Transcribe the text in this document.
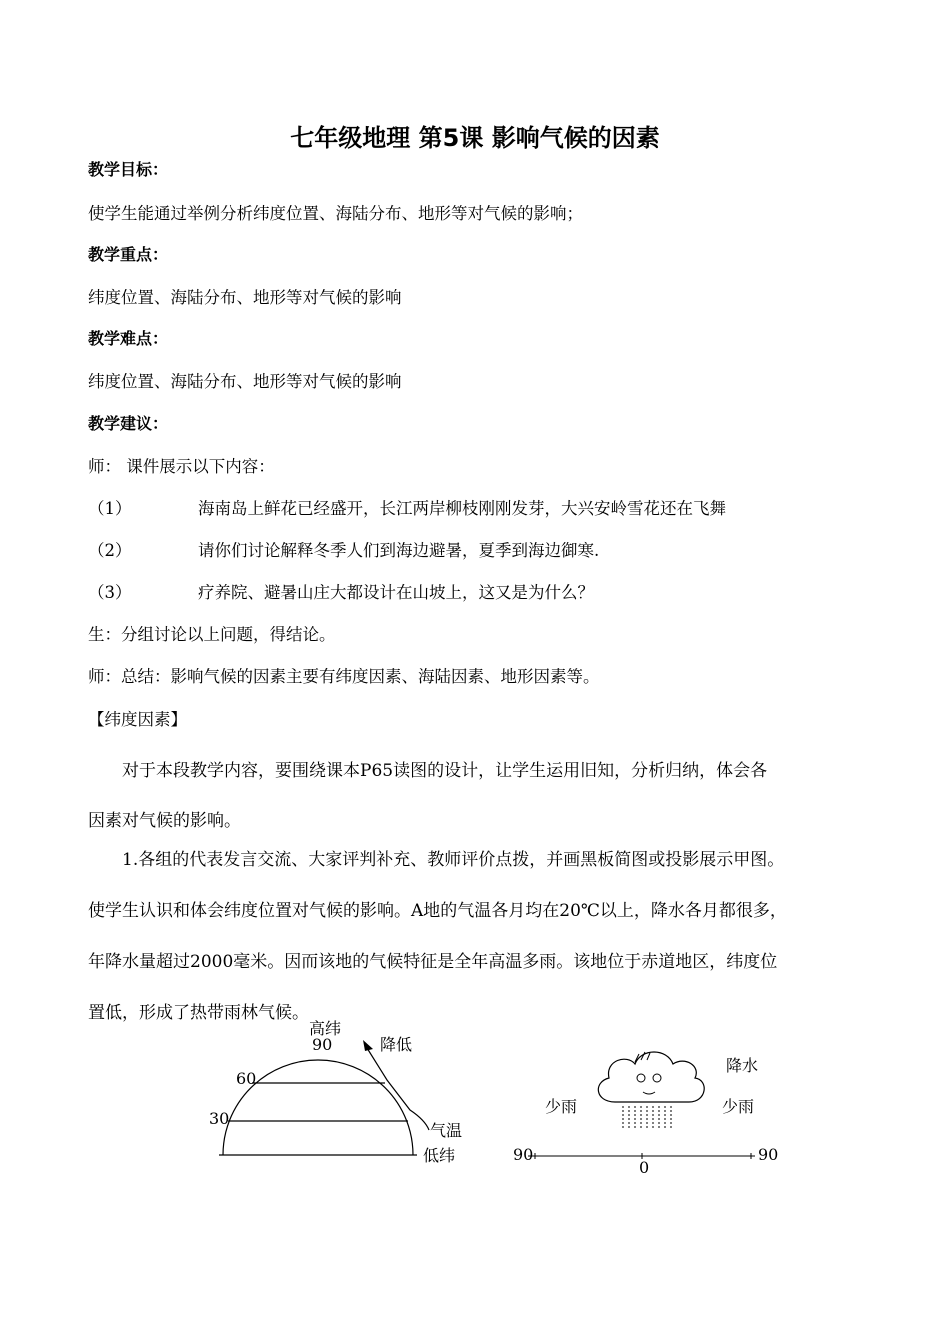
七年级地理 第5课 影响气候的因素
教学目标：
使学生能通过举例分析纬度位置、海陆分布、地形等对气候的影响；
教学重点：
纬度位置、海陆分布、地形等对气候的影响
教学难点：
纬度位置、海陆分布、地形等对气候的影响
教学建议：
师： 课件展示以下内容：
（1）	海南岛上鲜花已经盛开，长江两岸柳枝刚刚发芽，大兴安岭雪花还在飞舞
（2）	请你们讨论解释冬季人们到海边避暑，夏季到海边御寒.
（3）	疗养院、避暑山庄大都设计在山坡上，这又是为什么？
生：分组讨论以上问题，得结论。
师：总结：影响气候的因素主要有纬度因素、海陆因素、地形因素等。
【纬度因素】
对于本段教学内容，要围绕课本P65读图的设计，让学生运用旧知，分析归纳，体会各
因素对气候的影响。
1.各组的代表发言交流、大家评判补充、教师评价点拨，并画黑板简图或投影展示甲图。
使学生认识和体会纬度位置对气候的影响。A地的气温各月均在20℃以上，降水各月都很多，
年降水量超过2000毫米。因而该地的气候特征是全年高温多雨。该地位于赤道地区，纬度位
置低，形成了热带雨林气候。
高纬
90
60
30
低纬
降低
气温
降水
少雨	少雨
90
0
90
